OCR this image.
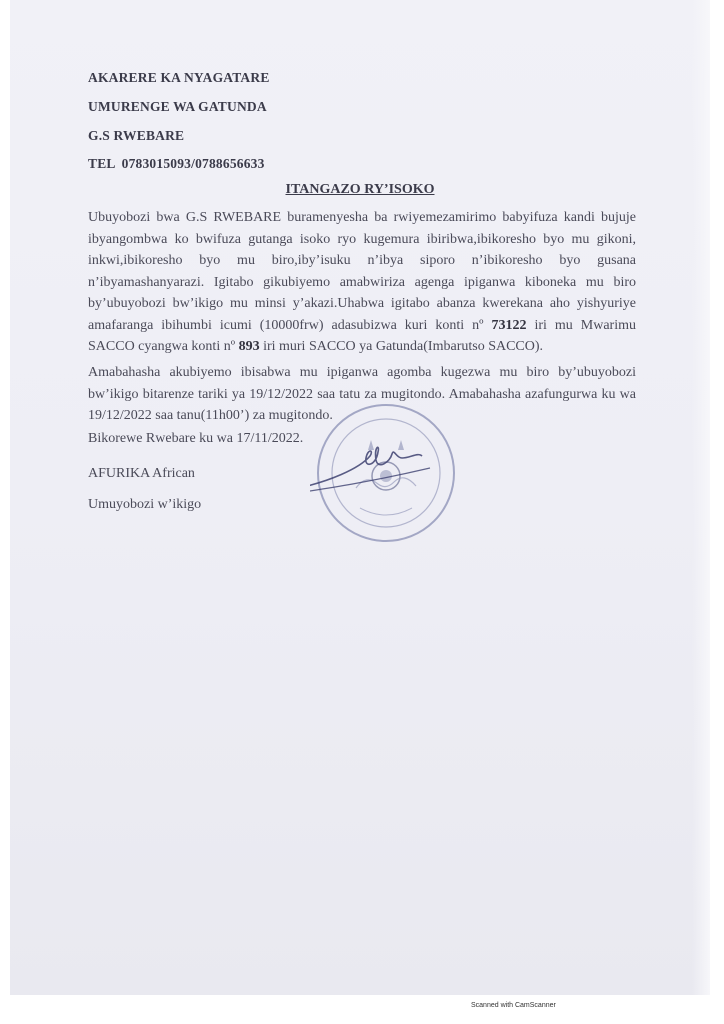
AKARERE KA NYAGATARE
UMURENGE WA GATUNDA
G.S RWEBARE
TEL 0783015093/0788656633
ITANGAZO RY’ISOKO
Ubuyobozi bwa G.S RWEBARE buramenyesha ba rwiyemezamirimo babyifuza kandi bujuje ibyangombwa ko bwifuza gutanga isoko ryo kugemura ibiribwa,ibikoresho byo mu gikoni, inkwi,ibikoresho byo mu biro,iby’isuku n’ibya siporo n’ibikoresho byo gusana n’ibyamashanyarazi. Igitabo gikubiyemo amabwiriza agenga ipiganwa kiboneka mu biro by’ubuyobozi bw’ikigo mu minsi y’akazi.Uhabwa igitabo abanza kwerekana aho yishyuriye amafaranga ibihumbi icumi (10000frw) adasubizwa kuri konti nº 73122 iri mu Mwarimu SACCO cyangwa konti nº 893 iri muri SACCO ya Gatunda(Imbarutso SACCO).
Amabahasha akubiyemo ibisabwa mu ipiganwa agomba kugezwa mu biro by’ubuyobozi bw’ikigo bitarenze tariki ya 19/12/2022 saa tatu za mugitondo. Amabahasha azafungurwa ku wa 19/12/2022 saa tanu(11h00’) za mugitondo.
Bikorewe Rwebare ku wa 17/11/2022.
AFURIKA African
Umuyobozi w’ikigo
Scanned with CamScanner
